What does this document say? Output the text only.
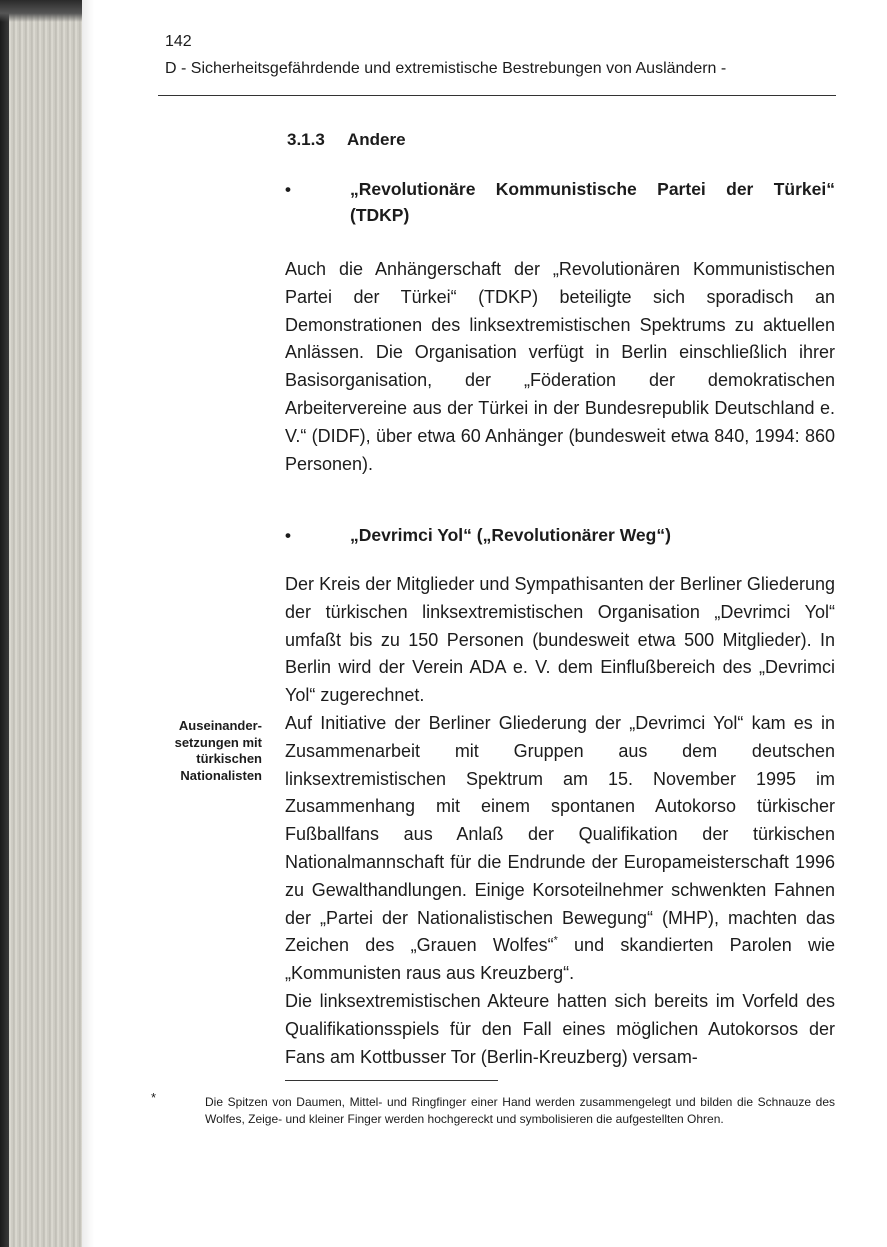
142
D - Sicherheitsgefährdende und extremistische Bestrebungen von Ausländern -
3.1.3 Andere
•	„Revolutionäre Kommunistische Partei der Türkei“ (TDKP)
Auch die Anhängerschaft der „Revolutionären Kommunistischen Partei der Türkei“ (TDKP) beteiligte sich sporadisch an Demonstrationen des linksextremistischen Spektrums zu aktuellen Anlässen. Die Organisation verfügt in Berlin einschließlich ihrer Basisorganisation, der „Föderation der demokratischen Arbeitervereine aus der Türkei in der Bundesrepublik Deutschland e. V.“ (DIDF), über etwa 60 Anhänger (bundesweit etwa 840, 1994: 860 Personen).
•	„Devrimci Yol“ („Revolutionärer Weg“)
Der Kreis der Mitglieder und Sympathisanten der Berliner Gliederung der türkischen linksextremistischen Organisation „Devrimci Yol“ umfaßt bis zu 150 Personen (bundesweit etwa 500 Mitglieder). In Berlin wird der Verein ADA e. V. dem Einflußbereich des „Devrimci Yol“ zugerechnet.
Auf Initiative der Berliner Gliederung der „Devrimci Yol“ kam es in Zusammenarbeit mit Gruppen aus dem deutschen linksextremistischen Spektrum am 15. November 1995 im Zusammenhang mit einem spontanen Autokorso türkischer Fußballfans aus Anlaß der Qualifikation der türkischen Nationalmannschaft für die Endrunde der Europameisterschaft 1996 zu Gewalthandlungen. Einige Korsoteilnehmer schwenkten Fahnen der „Partei der Nationalistischen Bewegung“ (MHP), machten das Zeichen des „Grauen Wolfes“* und skandierten Parolen wie „Kommunisten raus aus Kreuzberg“.
Die linksextremistischen Akteure hatten sich bereits im Vorfeld des Qualifikationsspiels für den Fall eines möglichen Autokorsos der Fans am Kottbusser Tor (Berlin-Kreuzberg) versam-
Auseinander-
setzungen mit
türkischen
Nationalisten
*	Die Spitzen von Daumen, Mittel- und Ringfinger einer Hand werden zusammengelegt und bilden die Schnauze des Wolfes, Zeige- und kleiner Finger werden hochgereckt und symbolisieren die aufgestellten Ohren.
